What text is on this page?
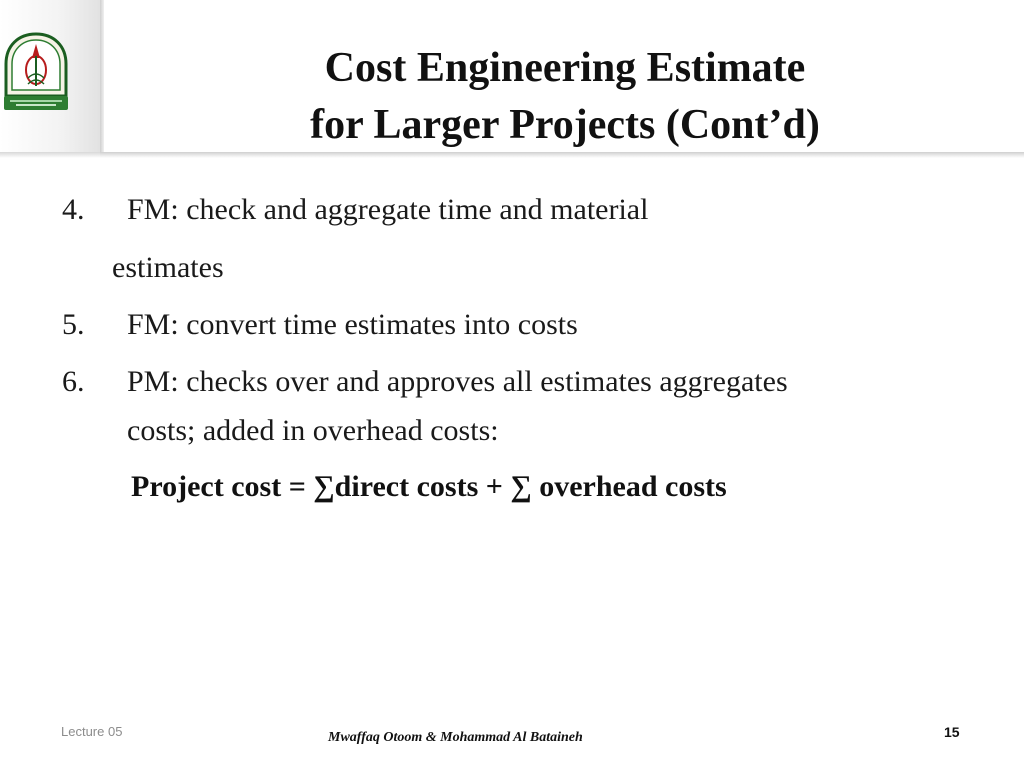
Cost Engineering Estimate
for Larger Projects (Cont’d)
4. FM: check and aggregate time and material
estimates
5. FM: convert time estimates into costs
6. PM: checks over and approves all estimates aggregates
costs; added in overhead costs:
Project cost = ∑direct costs + ∑ overhead costs
Lecture 05	Mwaffaq Otoom & Mohammad Al Bataineh	15
